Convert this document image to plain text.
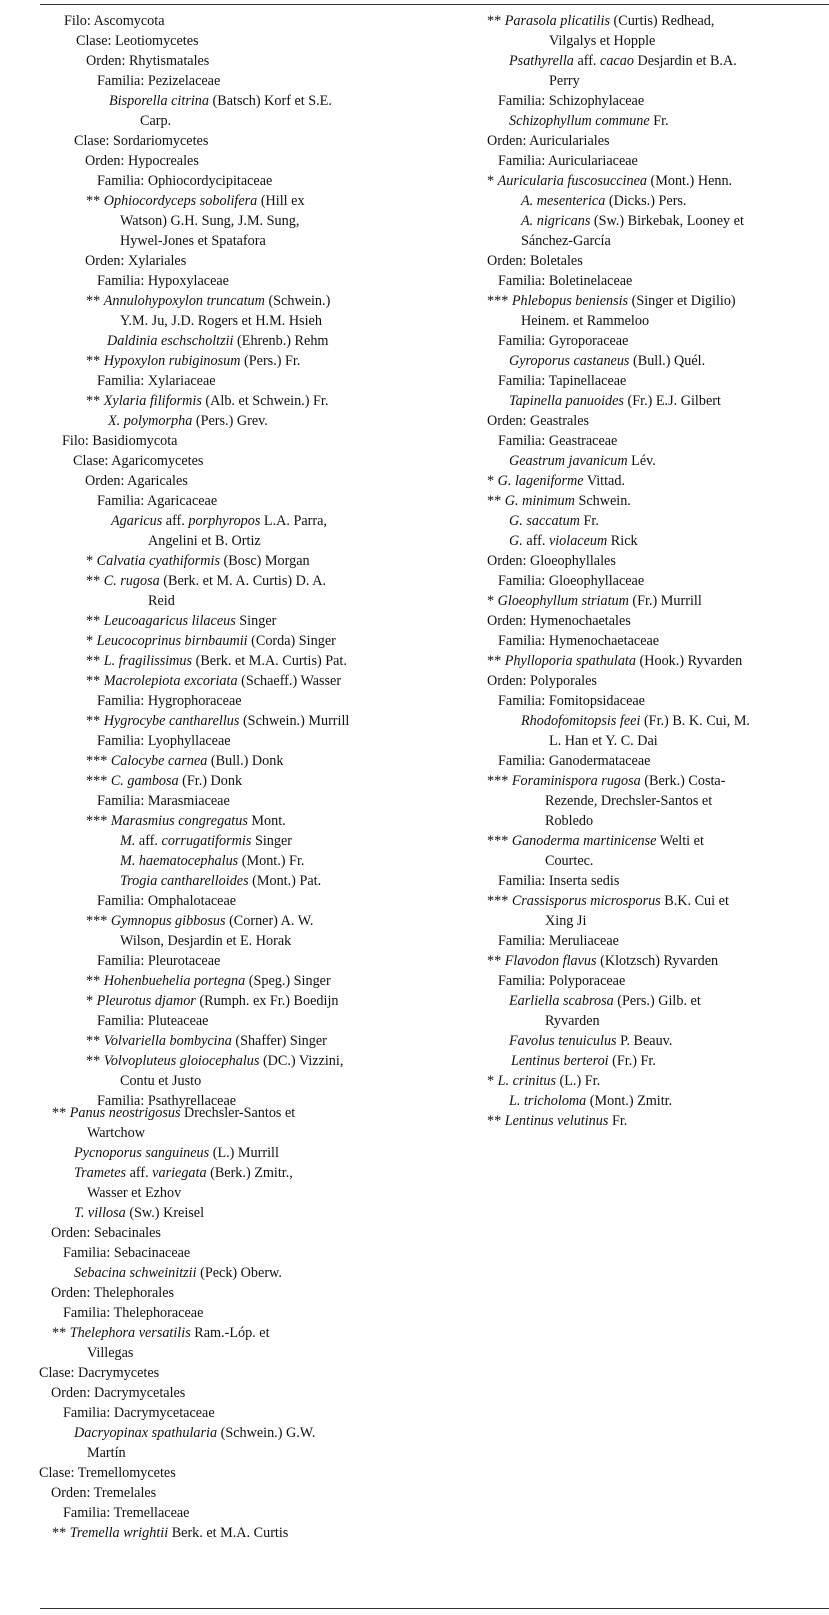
Filo: Ascomycota
Clase: Leotiomycetes
Orden: Rhytismatales
Familia: Pezizelaceae
Bisporella citrina (Batsch) Korf et S.E.
Carp.
Clase: Sordariomycetes
Orden: Hypocreales
Familia: Ophiocordycipitaceae
** Ophiocordyceps sobolifera (Hill ex
Watson) G.H. Sung, J.M. Sung,
Hywel-Jones et Spatafora
Orden: Xylariales
Familia: Hypoxylaceae
** Annulohypoxylon truncatum (Schwein.)
Y.M. Ju, J.D. Rogers et H.M. Hsieh
Daldinia eschscholtzii (Ehrenb.) Rehm
** Hypoxylon rubiginosum (Pers.) Fr.
Familia: Xylariaceae
** Xylaria filiformis (Alb. et Schwein.) Fr.
X. polymorpha (Pers.) Grev.
Filo: Basidiomycota
Clase: Agaricomycetes
Orden: Agaricales
Familia: Agaricaceae
Agaricus aff. porphyropos L.A. Parra,
Angelini et B. Ortiz
* Calvatia cyathiformis (Bosc) Morgan
** C. rugosa (Berk. et M. A. Curtis) D. A.
Reid
** Leucoagaricus lilaceus Singer
* Leucocoprinus birnbaumii (Corda) Singer
** L. fragilissimus (Berk. et M.A. Curtis) Pat.
** Macrolepiota excoriata (Schaeff.) Wasser
Familia: Hygrophoraceae
** Hygrocybe cantharellus (Schwein.) Murrill
Familia: Lyophyllaceae
*** Calocybe carnea (Bull.) Donk
*** C. gambosa (Fr.) Donk
Familia: Marasmiaceae
*** Marasmius congregatus Mont.
M. aff. corrugatiformis Singer
M. haematocephalus (Mont.) Fr.
Trogia cantharelloides (Mont.) Pat.
Familia: Omphalotaceae
*** Gymnopus gibbosus (Corner) A. W.
Wilson, Desjardin et E. Horak
Familia: Pleurotaceae
** Hohenbuehelia portegna (Speg.) Singer
* Pleurotus djamor (Rumph. ex Fr.) Boedijn
Familia: Pluteaceae
** Volvariella bombycina (Shaffer) Singer
** Volvopluteus gloiocephalus (DC.) Vizzini,
Contu et Justo
Familia: Psathyrellaceae
** Panus neostrigosus Drechsler-Santos et
Wartchow
Pycnoporus sanguineus (L.) Murrill
Trametes aff. variegata (Berk.) Zmitr.,
Wasser et Ezhov
T. villosa (Sw.) Kreisel
Orden: Sebacinales
Familia: Sebacinaceae
Sebacina schweinitzii (Peck) Oberw.
Orden: Thelephorales
Familia: Thelephoraceae
** Thelephora versatilis Ram.-Lóp. et
Villegas
Clase: Dacrymycetes
Orden: Dacrymycetales
Familia: Dacrymycetaceae
Dacryopinax spathularia (Schwein.) G.W.
Martín
Clase: Tremellomycetes
Orden: Tremelales
Familia: Tremellaceae
** Tremella wrightii Berk. et M.A. Curtis
** Parasola plicatilis (Curtis) Redhead,
Vilgalys et Hopple
Psathyrella aff. cacao Desjardin et B.A.
Perry
Familia: Schizophylaceae
Schizophyllum commune Fr.
Orden: Auriculariales
Familia: Auriculariaceae
* Auricularia fuscosuccinea (Mont.) Henn.
A. mesenterica (Dicks.) Pers.
A. nigricans (Sw.) Birkebak, Looney et
Sánchez-García
Orden: Boletales
Familia: Boletinelaceae
*** Phlebopus beniensis (Singer et Digilio)
Heinem. et Rammeloo
Familia: Gyroporaceae
Gyroporus castaneus (Bull.) Quél.
Familia: Tapinellaceae
Tapinella panuoides (Fr.) E.J. Gilbert
Orden: Geastrales
Familia: Geastraceae
Geastrum javanicum Lév.
* G. lageniforme Vittad.
** G. minimum Schwein.
G. saccatum Fr.
G. aff. violaceum Rick
Orden: Gloeophyllales
Familia: Gloeophyllaceae
* Gloeophyllum striatum (Fr.) Murrill
Orden: Hymenochaetales
Familia: Hymenochaetaceae
** Phylloporia spathulata (Hook.) Ryvarden
Orden: Polyporales
Familia: Fomitopsidaceae
Rhodofomitopsis feei (Fr.) B. K. Cui, M.
L. Han et Y. C. Dai
Familia: Ganodermataceae
*** Foraminispora rugosa (Berk.) Costa-
Rezende, Drechsler-Santos et
Robledo
*** Ganoderma martinicense Welti et
Courtec.
Familia: Inserta sedis
*** Crassisporus microsporus B.K. Cui et
Xing Ji
Familia: Meruliaceae
** Flavodon flavus (Klotzsch) Ryvarden
Familia: Polyporaceae
Earliella scabrosa (Pers.) Gilb. et
Ryvarden
Favolus tenuiculus P. Beauv.
Lentinus berteroi (Fr.) Fr.
* L. crinitus (L.) Fr.
L. tricholoma (Mont.) Zmitr.
** Lentinus velutinus Fr.
